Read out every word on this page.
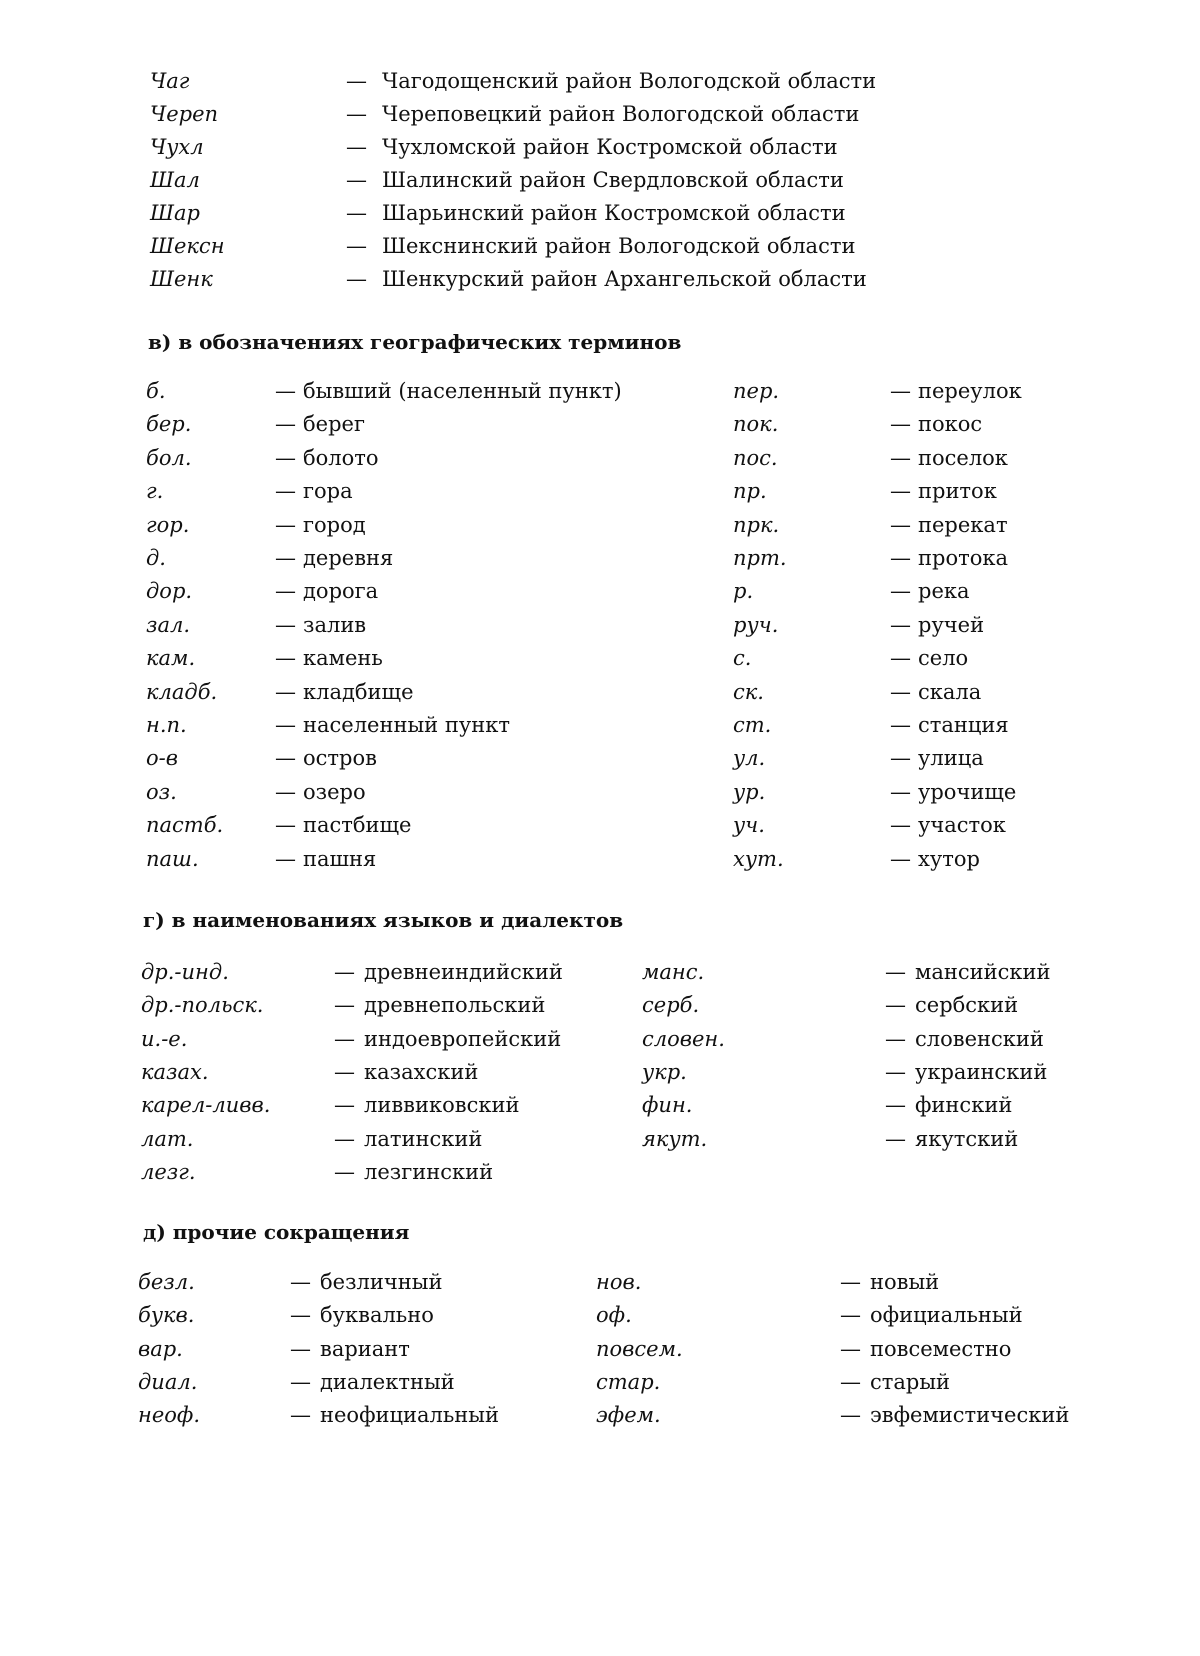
Чаг	— Чагодощенский район Вологодской области
Череп	— Череповецкий район Вологодской области
Чухл	— Чухломской район Костромской области
Шал	— Шалинский район Свердловской области
Шар	— Шарьинский район Костромской области
Шексн	— Шекснинский район Вологодской области
Шенк	— Шенкурский район Архангельской области
в) в обозначениях географических терминов
б.	— бывший (населенный пункт)
бер.	— берег
бол.	— болото
г.	— гора
гор.	— город
д.	— деревня
дор.	— дорога
зал.	— залив
кам.	— камень
кладб.	— кладбище
н.п.	— населенный пункт
о-в	— остров
оз.	— озеро
пастб. — пастбище
паш.	— пашня
пер.	— переулок
пок.	— покос
пос.	— поселок
пр.	— приток
прк.	— перекат
прт.	— протока
р.	— река
руч.	— ручей
с.	— село
ск.	— скала
ст.	— станция
ул.	— улица
ур.	— урочище
уч.	— участок
хут.	— хутор
г) в наименованиях языков и диалектов
др.-инд.	— древнеиндийский
др.-польск.	— древнепольский
и.-е.	— индоевропейский
казах.	— казахский
карел-ливв.	— ливвиковский
лат.	— латинский
лезг.	— лезгинский
манс.	— мансийский
серб.	— сербский
словен.	— словенский
укр.	— украинский
фин.	— финский
якут.	— якутский
д) прочие сокращения
безл.	— безличный
букв.	— буквально
вар.	— вариант
диал.	— диалектный
неоф.	— неофициальный
нов.	— новый
оф.	— официальный
повсем.	— повсеместно
стар.	— старый
эфем.	— эвфемистический
